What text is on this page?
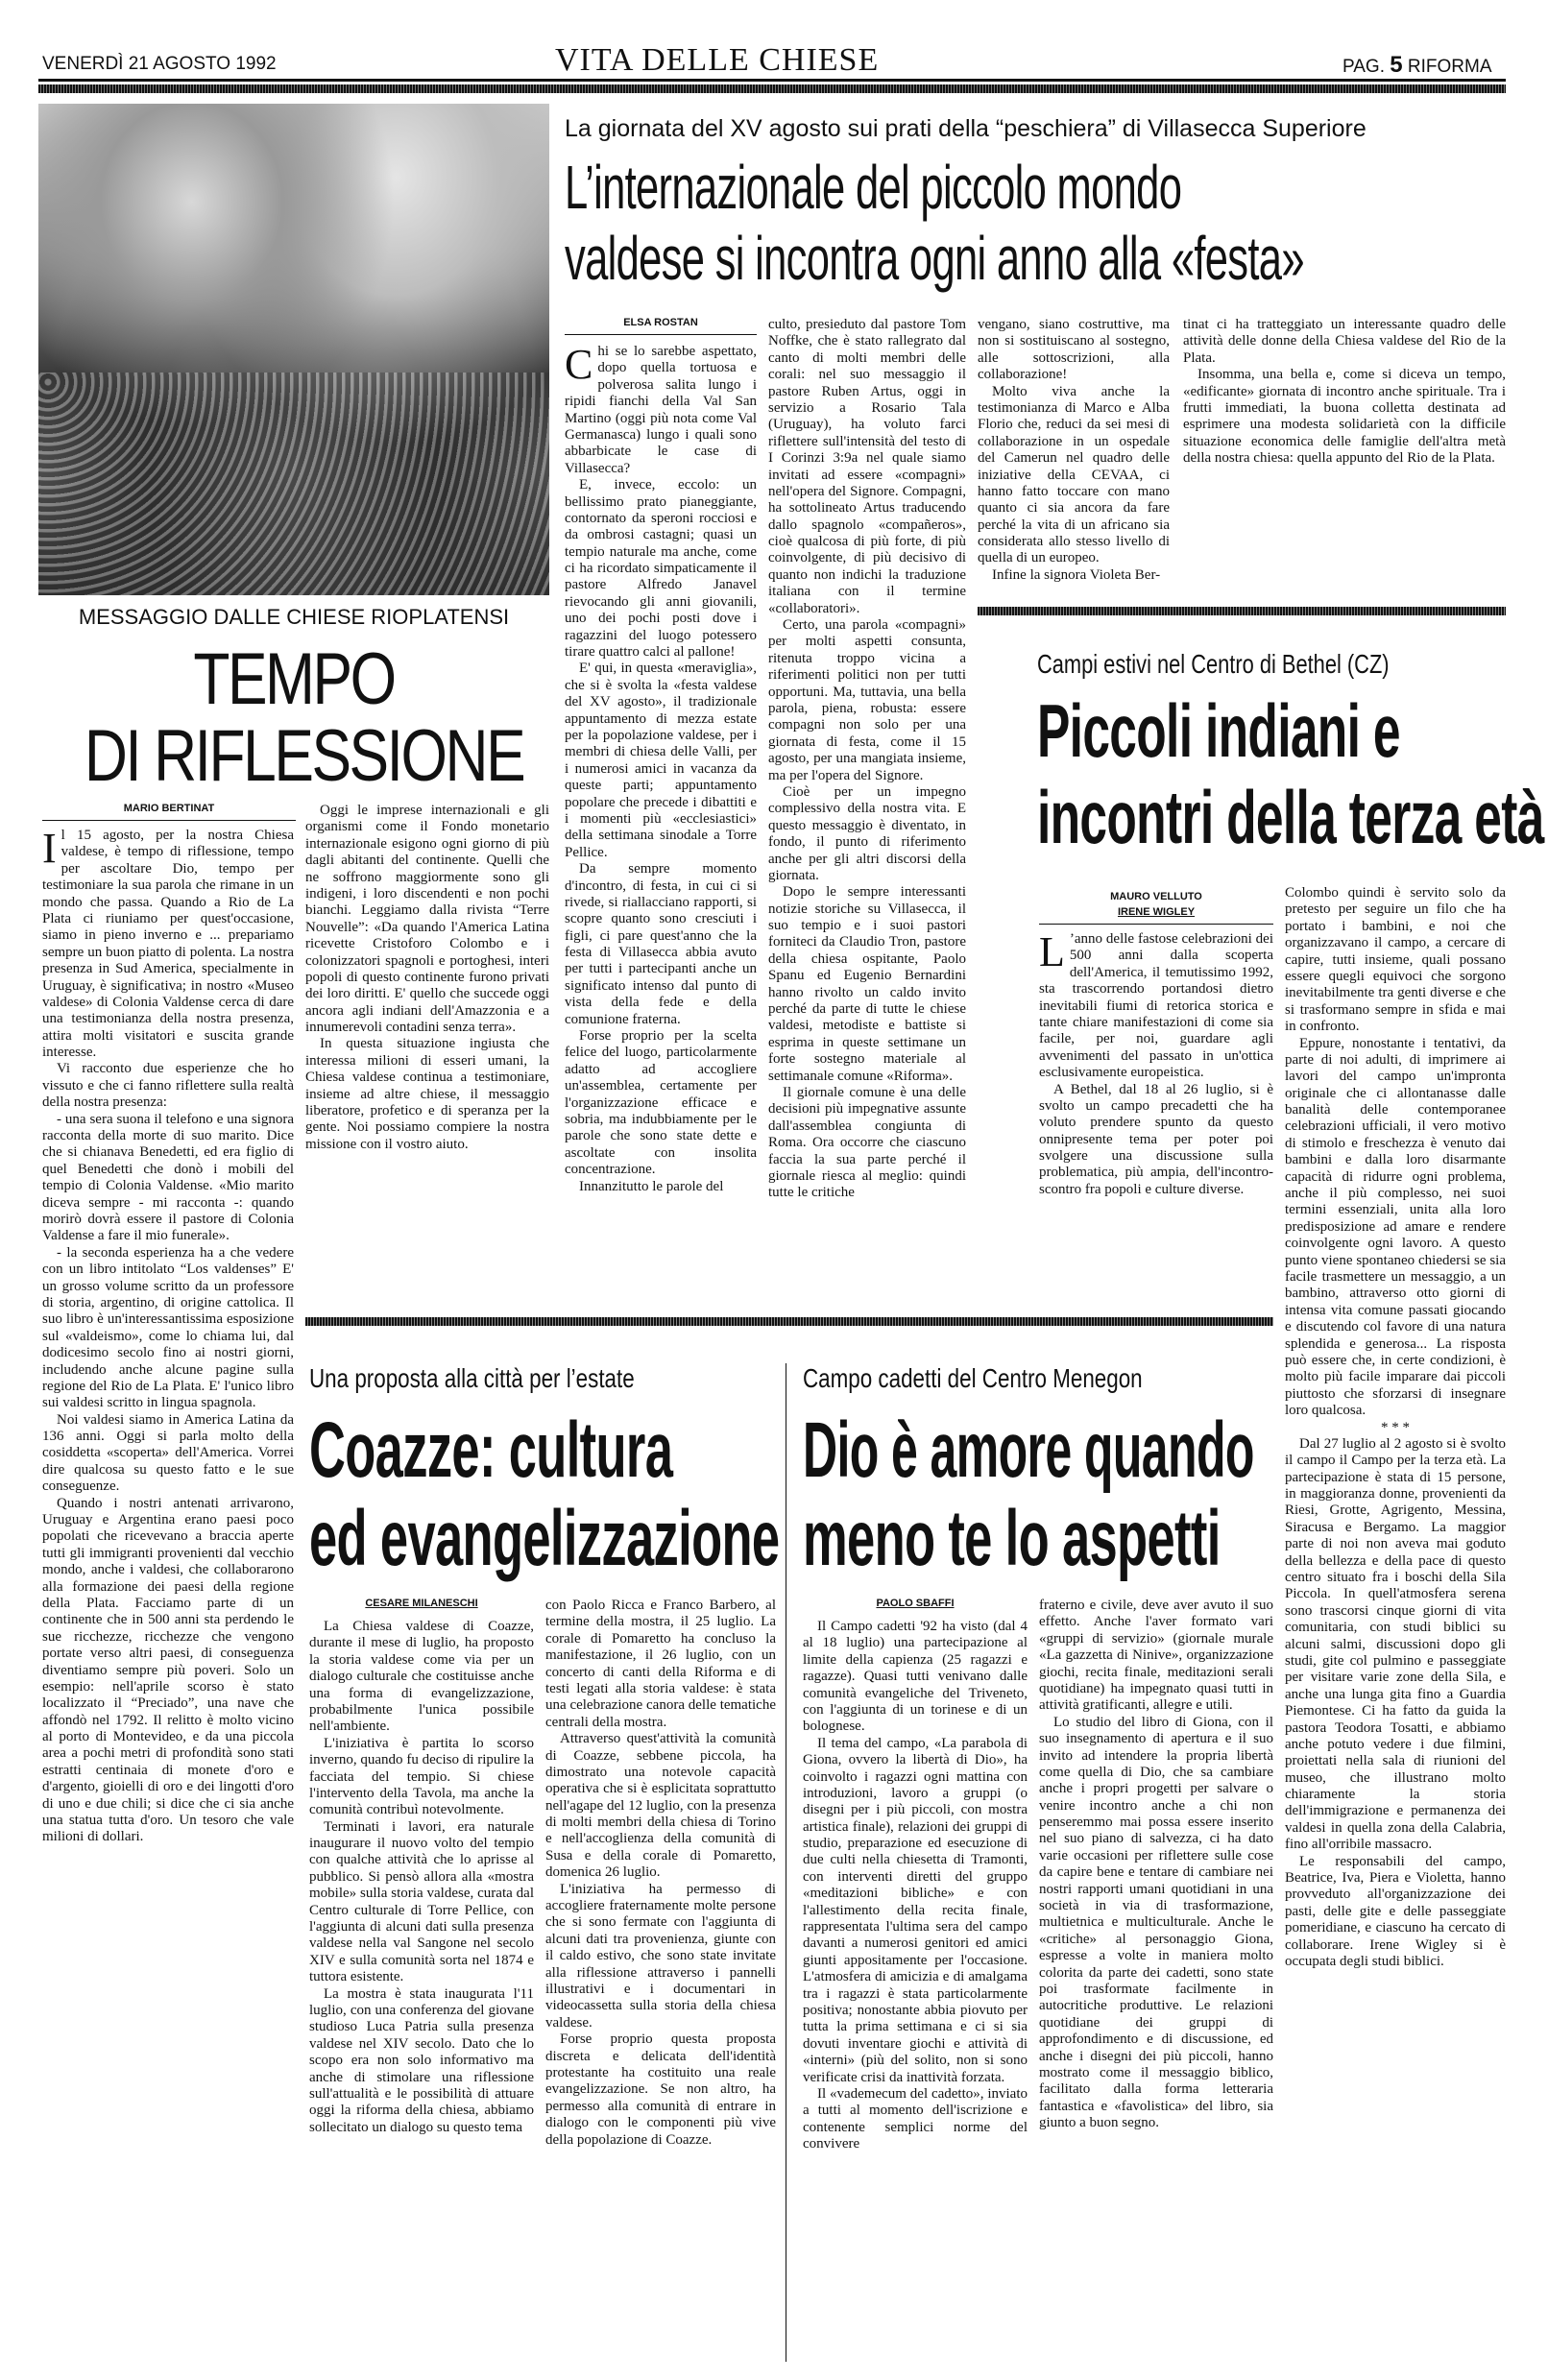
VENERDÌ 21 AGOSTO 1992	VITA DELLE CHIESE	PAG. 5 RIFORMA
MESSAGGIO DALLE CHIESE RIOPLATENSI
TEMPO
DI RIFLESSIONE
MARIO BERTINAT

Il 15 agosto, per la nostra Chiesa valdese, è tempo di riflessione, tempo per ascoltare Dio, tempo per testimoniare la sua parola che rimane in un mondo che passa. Quando a Rio de La Plata ci riuniamo per quest'occasione, siamo in pieno inverno e ... prepariamo sempre un buon piatto di polenta. La nostra presenza in Sud America, specialmente in Uruguay, è significativa; in nostro «Museo valdese» di Colonia Valdense cerca di dare una testimonianza della nostra presenza, attira molti visitatori e suscita grande interesse.

Vi racconto due esperienze che ho vissuto e che ci fanno riflettere sulla realtà della nostra presenza:

- una sera suona il telefono e una signora racconta della morte di suo marito. Dice che si chianava Benedetti, ed era figlio di quel Benedetti che donò i mobili del tempio di Colonia Valdense. «Mio marito diceva sempre - mi racconta -: quando morirò dovrà essere il pastore di Colonia Valdense a fare il mio funerale».

- la seconda esperienza ha a che vedere con un libro intitolato “Los valdenses” E' un grosso volume scritto da un professore di storia, argentino, di origine cattolica. Il suo libro è un'interessantissima esposizione sul «valdeismo», come lo chiama lui, dal dodicesimo secolo fino ai nostri giorni, includendo anche alcune pagine sulla regione del Rio de La Plata. E' l'unico libro sui valdesi scritto in lingua spagnola.

Noi valdesi siamo in America Latina da 136 anni. Oggi si parla molto della cosiddetta «scoperta» dell'America. Vorrei dire qualcosa su questo fatto e le sue conseguenze.

Quando i nostri antenati arrivarono, Uruguay e Argentina erano paesi poco popolati che ricevevano a braccia aperte tutti gli immigranti provenienti dal vecchio mondo, anche i valdesi, che collaborarono alla formazione dei paesi della regione della Plata. Facciamo parte di un continente che in 500 anni sta perdendo le sue ricchezze, ricchezze che vengono portate verso altri paesi, di conseguenza diventiamo sempre più poveri. Solo un esempio: nell'aprile scorso è stato localizzato il “Preciado”, una nave che affondò nel 1792. Il relitto è molto vicino al porto di Montevideo, e da una piccola area a pochi metri di profondità sono stati estratti centinaia di monete d'oro e d'argento, gioielli di oro e dei lingotti d'oro di uno e due chili; si dice che ci sia anche una statua tutta d'oro. Un tesoro che vale milioni di dollari.

Oggi le imprese internazionali e gli organismi come il Fondo monetario internazionale esigono ogni giorno di più dagli abitanti del continente. Quelli che ne soffrono maggiormente sono gli indigeni, i loro discendenti e non pochi bianchi. Leggiamo dalla rivista “Terre Nouvelle”: «Da quando l'America Latina ricevette Cristoforo Colombo e i colonizzatori spagnoli e portoghesi, interi popoli di questo continente furono privati dei loro diritti. E' quello che succede oggi ancora agli indiani dell'Amazzonia e a innumerevoli contadini senza terra».

In questa situazione ingiusta che interessa milioni di esseri umani, la Chiesa valdese continua a testimoniare, insieme ad altre chiese, il messaggio liberatore, profetico e di speranza per la gente. Noi possiamo compiere la nostra missione con il vostro aiuto.

La giornata del XV agosto sui prati della “peschiera” di Villasecca Superiore
L’internazionale del piccolo mondo
valdese si incontra ogni anno alla «festa»
ELSA ROSTAN

Chi se lo sarebbe aspettato, dopo quella tortuosa e polverosa salita lungo i ripidi fianchi della Val San Martino (oggi più nota come Val Germanasca) lungo i quali sono abbarbicate le case di Villasecca?

E, invece, eccolo: un bellissimo prato pianeggiante, contornato da speroni rocciosi e da ombrosi castagni; quasi un tempio naturale ma anche, come ci ha ricordato simpaticamente il pastore Alfredo Janavel rievocando gli anni giovanili, uno dei pochi posti dove i ragazzini del luogo potessero tirare quattro calci al pallone!

E' qui, in questa «meraviglia», che si è svolta la «festa valdese del XV agosto», il tradizionale appuntamento di mezza estate per la popolazione valdese, per i membri di chiesa delle Valli, per i numerosi amici in vacanza da queste parti; appuntamento popolare che precede i dibattiti e i momenti più «ecclesiastici» della settimana sinodale a Torre Pellice.

Da sempre momento d'incontro, di festa, in cui ci si rivede, si riallacciano rapporti, si scopre quanto sono cresciuti i figli, ci pare quest'anno che la festa di Villasecca abbia avuto per tutti i partecipanti anche un significato intenso dal punto di vista della fede e della comunione fraterna.

Forse proprio per la scelta felice del luogo, particolarmente adatto ad accogliere un'assemblea, certamente per l'organizzazione efficace e sobria, ma indubbiamente per le parole che sono state dette e ascoltate con insolita concentrazione.

Innanzitutto le parole del

culto, presieduto dal pastore Tom Noffke, che è stato rallegrato dal canto di molti membri delle corali: nel suo messaggio il pastore Ruben Artus, oggi in servizio a Rosario Tala (Uruguay), ha voluto farci riflettere sull'intensità del testo di I Corinzi 3:9a nel quale siamo invitati ad essere «compagni» nell'opera del Signore. Compagni, ha sottolineato Artus traducendo dallo spagnolo «compañeros», cioè qualcosa di più forte, di più coinvolgente, di più decisivo di quanto non indichi la traduzione italiana con il termine «collaboratori».

Certo, una parola «compagni» per molti aspetti consunta, ritenuta troppo vicina a riferimenti politici non per tutti opportuni. Ma, tuttavia, una bella parola, piena, robusta: essere compagni non solo per una giornata di festa, come il 15 agosto, per una mangiata insieme, ma per l'opera del Signore.

Cioè per un impegno complessivo della nostra vita. E questo messaggio è diventato, in fondo, il punto di riferimento anche per gli altri discorsi della giornata.

Dopo le sempre interessanti notizie storiche su Villasecca, il suo tempio e i suoi pastori forniteci da Claudio Tron, pastore della chiesa ospitante, Paolo Spanu ed Eugenio Bernardini hanno rivolto un caldo invito perché da parte di tutte le chiese valdesi, metodiste e battiste si esprima in queste settimane un forte sostegno materiale al settimanale comune «Riforma».

Il giornale comune è una delle decisioni più impegnative assunte dall'assemblea congiunta di Roma. Ora occorre che ciascuno faccia la sua parte perché il giornale riesca al meglio: quindi tutte le critiche

vengano, siano costruttive, ma non si sostituiscano al sostegno, alle sottoscrizioni, alla collaborazione!

Molto viva anche la testimonianza di Marco e Alba Florio che, reduci da sei mesi di collaborazione in un ospedale del Camerun nel quadro delle iniziative della CEVAA, ci hanno fatto toccare con mano quanto ci sia ancora da fare perché la vita di un africano sia considerata allo stesso livello di quella di un europeo.

Infine la signora Violeta Ber-

tinat ci ha tratteggiato un interessante quadro delle attività delle donne della Chiesa valdese del Rio de la Plata.

Insomma, una bella e, come si diceva un tempo, «edificante» giornata di incontro anche spirituale. Tra i frutti immediati, la buona colletta destinata ad esprimere una modesta solidarietà con la difficile situazione economica delle famiglie dell'altra metà della nostra chiesa: quella appunto del Rio de la Plata.

Campi estivi nel Centro di Bethel (CZ)
Piccoli indiani e
incontri della terza età
MAURO VELLUTO
IRENE WIGLEY

L ’anno delle fastose celebrazioni dei 500 anni dalla scoperta dell'America, il temutissimo 1992, sta trascorrendo portandosi dietro inevitabili fiumi di retorica storica e tante chiare manifestazioni di come sia facile, per noi, guardare agli avvenimenti del passato in un'ottica esclusivamente europeistica.

A Bethel, dal 18 al 26 luglio, si è svolto un campo precadetti che ha voluto prendere spunto da questo onnipresente tema per poter poi svolgere una discussione sulla problematica, più ampia, dell'incontro-scontro fra popoli e culture diverse.

Colombo quindi è servito solo da pretesto per seguire un filo che ha portato i bambini, e noi che organizzavano il campo, a cercare di capire, tutti insieme, quali possano essere quegli equivoci che sorgono inevitabilmente tra genti diverse e che si trasformano sempre in sfida e mai in confronto.

Eppure, nonostante i tentativi, da parte di noi adulti, di imprimere ai lavori del campo un'impronta originale che ci allontanasse dalle banalità delle contemporanee celebrazioni ufficiali, il vero motivo di stimolo e freschezza è venuto dai bambini e dalla loro disarmante capacità di ridurre ogni problema, anche il più complesso, nei suoi termini essenziali, unita alla loro predisposizione ad amare e rendere coinvolgente ogni lavoro. A questo punto viene spontaneo chiedersi se sia facile trasmettere un messaggio, a un bambino, attraverso otto giorni di intensa vita comune passati giocando e discutendo col favore di una natura splendida e generosa... La risposta può essere che, in certe condizioni, è molto più facile imparare dai piccoli piuttosto che sforzarsi di insegnare loro qualcosa.

* * *

Dal 27 luglio al 2 agosto si è svolto il campo il Campo per la terza età. La partecipazione è stata di 15 persone, in maggioranza donne, provenienti da Riesi, Grotte, Agrigento, Messina, Siracusa e Bergamo. La maggior parte di noi non aveva mai goduto della bellezza e della pace di questo centro situato fra i boschi della Sila Piccola. In quell'atmosfera serena sono trascorsi cinque giorni di vita comunitaria, con studi biblici su alcuni salmi, discussioni dopo gli studi, gite col pulmino e passeggiate per visitare varie zone della Sila, e anche una lunga gita fino a Guardia Piemontese. Ci ha fatto da guida la pastora Teodora Tosatti, e abbiamo anche potuto vedere i due filmini, proiettati nella sala di riunioni del museo, che illustrano molto chiaramente la storia dell'immigrazione e permanenza dei valdesi in quella zona della Calabria, fino all'orribile massacro.

Le responsabili del campo, Beatrice, Iva, Piera e Violetta, hanno provveduto all'organizzazione dei pasti, delle gite e delle passeggiate pomeridiane, e ciascuno ha cercato di collaborare. Irene Wigley si è occupata degli studi biblici.

Una proposta alla città per l’estate
Coazze: cultura
ed evangelizzazione
CESARE MILANESCHI

La Chiesa valdese di Coazze, durante il mese di luglio, ha proposto la storia valdese come via per un dialogo culturale che costituisse anche una forma di evangelizzazione, probabilmente l'unica possibile nell'ambiente.

L'iniziativa è partita lo scorso inverno, quando fu deciso di ripulire la facciata del tempio. Si chiese l'intervento della Tavola, ma anche la comunità contribuì notevolmente.

Terminati i lavori, era naturale inaugurare il nuovo volto del tempio con qualche attività che lo aprisse al pubblico. Si pensò allora alla «mostra mobile» sulla storia valdese, curata dal Centro culturale di Torre Pellice, con l'aggiunta di alcuni dati sulla presenza valdese nella val Sangone nel secolo XIV e sulla comunità sorta nel 1874 e tuttora esistente.

La mostra è stata inaugurata l'11 luglio, con una conferenza del giovane studioso Luca Patria sulla presenza valdese nel XIV secolo. Dato che lo scopo era non solo informativo ma anche di stimolare una riflessione sull'attualità e le possibilità di attuare oggi la riforma della chiesa, abbiamo sollecitato un dialogo su questo tema

con Paolo Ricca e Franco Barbero, al termine della mostra, il 25 luglio. La corale di Pomaretto ha concluso la manifestazione, il 26 luglio, con un concerto di canti della Riforma e di testi legati alla storia valdese: è stata una celebrazione canora delle tematiche centrali della mostra.

Attraverso quest'attività la comunità di Coazze, sebbene piccola, ha dimostrato una notevole capacità operativa che si è esplicitata soprattutto nell'agape del 12 luglio, con la presenza di molti membri della chiesa di Torino e nell'accoglienza della comunità di Susa e della corale di Pomaretto, domenica 26 luglio.

L'iniziativa ha permesso di accogliere fraternamente molte persone che si sono fermate con l'aggiunta di alcuni dati tra provenienza, giunte con il caldo estivo, che sono state invitate alla riflessione attraverso i pannelli illustrativi e i documentari in videocassetta sulla storia della chiesa valdese.

Forse proprio questa proposta discreta e delicata dell'identità protestante ha costituito una reale evangelizzazione. Se non altro, ha permesso alla comunità di entrare in dialogo con le componenti più vive della popolazione di Coazze.

Campo cadetti del Centro Menegon
Dio è amore quando
meno te lo aspetti
PAOLO SBAFFI

Il Campo cadetti '92 ha visto (dal 4 al 18 luglio) una partecipazione al limite della capienza (25 ragazzi e ragazze). Quasi tutti venivano dalle comunità evangeliche del Triveneto, con l'aggiunta di un torinese e di un bolognese.

Il tema del campo, «La parabola di Giona, ovvero la libertà di Dio», ha coinvolto i ragazzi ogni mattina con introduzioni, lavoro a gruppi (o disegni per i più piccoli, con mostra artistica finale), relazioni dei gruppi di studio, preparazione ed esecuzione di due culti nella chiesetta di Tramonti, con interventi diretti del gruppo «meditazioni bibliche» e con l'allestimento della recita finale, rappresentata l'ultima sera del campo davanti a numerosi genitori ed amici giunti appositamente per l'occasione. L'atmosfera di amicizia e di amalgama tra i ragazzi è stata particolarmente positiva; nonostante abbia piovuto per tutta la prima settimana e ci si sia dovuti inventare giochi e attività di «interni» (più del solito, non si sono verificate crisi da inattività forzata.

Il «vademecum del cadetto», inviato a tutti al momento dell'iscrizione e contenente semplici norme del convivere

fraterno e civile, deve aver avuto il suo effetto. Anche l'aver formato vari «gruppi di servizio» (giornale murale «La gazzetta di Ninive», organizzazione giochi, recita finale, meditazioni serali quotidiane) ha impegnato quasi tutti in attività gratificanti, allegre e utili.

Lo studio del libro di Giona, con il suo insegnamento di apertura e il suo invito ad intendere la propria libertà come quella di Dio, che sa cambiare anche i propri progetti per salvare o venire incontro anche a chi non penseremmo mai possa essere inserito nel suo piano di salvezza, ci ha dato varie occasioni per riflettere sulle cose da capire bene e tentare di cambiare nei nostri rapporti umani quotidiani in una società in via di trasformazione, multietnica e multiculturale. Anche le «critiche» al personaggio Giona, espresse a volte in maniera molto colorita da parte dei cadetti, sono state poi trasformate facilmente in autocritiche produttive. Le relazioni quotidiane dei gruppi di approfondimento e di discussione, ed anche i disegni dei più piccoli, hanno mostrato come il messaggio biblico, facilitato dalla forma letteraria fantastica e «favolistica» del libro, sia giunto a buon segno.
